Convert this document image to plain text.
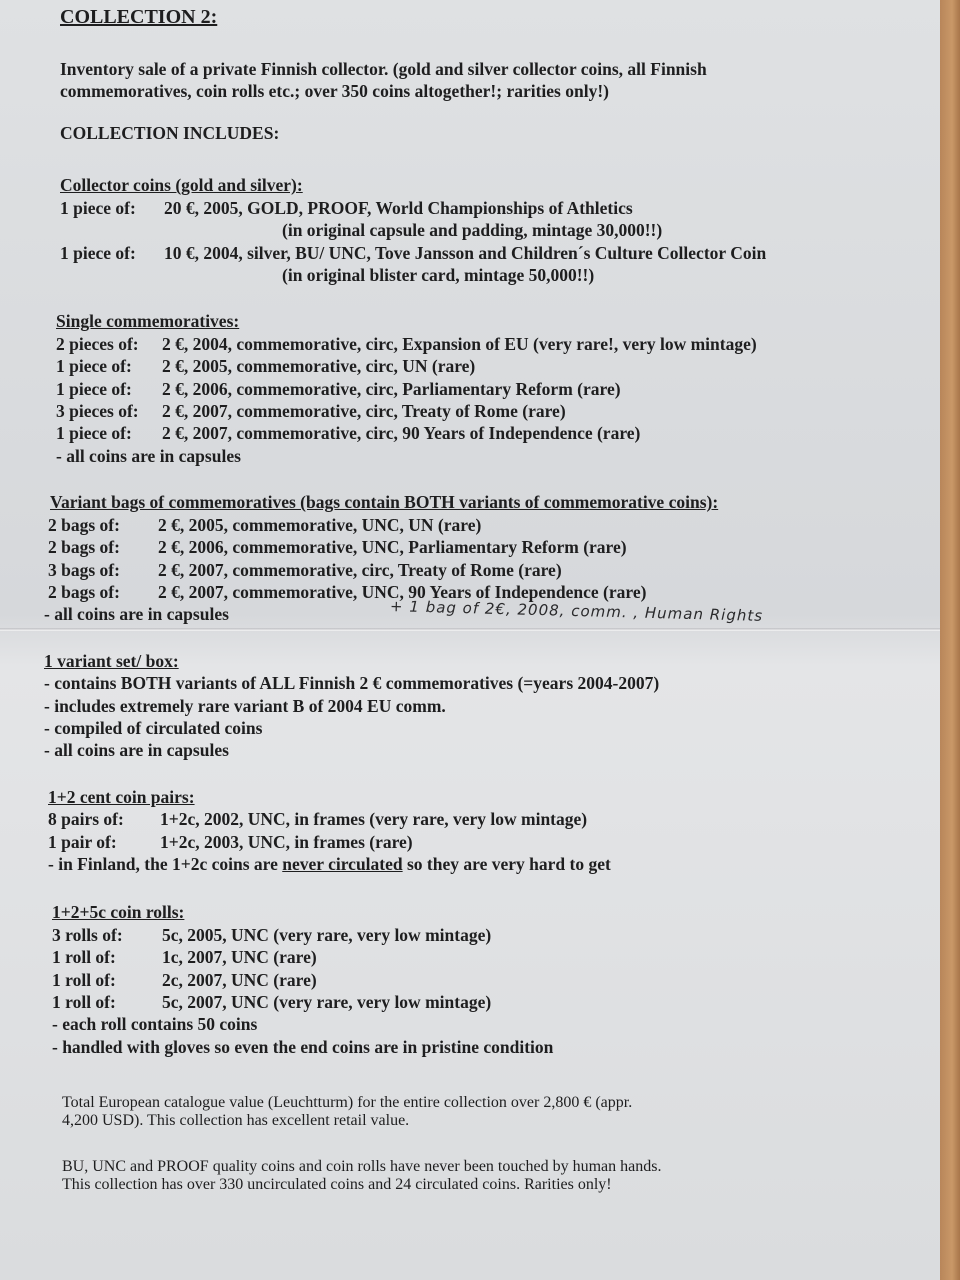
COLLECTION 2:
Inventory sale of a private Finnish collector. (gold and silver collector coins, all Finnish
commemoratives, coin rolls etc.; over 350 coins altogether!; rarities only!)
COLLECTION INCLUDES:
Collector coins (gold and silver):
1 piece of:	20 €, 2005, GOLD, PROOF, World Championships of Athletics
(in original capsule and padding, mintage 30,000!!)
1 piece of:	10 €, 2004, silver, BU/ UNC, Tove Jansson and Children´s Culture Collector Coin
(in original blister card, mintage 50,000!!)
Single commemoratives:
2 pieces of:	2 €, 2004, commemorative, circ, Expansion of EU (very rare!, very low mintage)
1 piece of:	2 €, 2005, commemorative, circ, UN (rare)
1 piece of:	2 €, 2006, commemorative, circ, Parliamentary Reform (rare)
3 pieces of:	2 €, 2007, commemorative, circ, Treaty of Rome (rare)
1 piece of:	2 €, 2007, commemorative, circ, 90 Years of Independence (rare)
- all coins are in capsules
Variant bags of commemoratives (bags contain BOTH variants of commemorative coins):
2 bags of:	2 €, 2005, commemorative, UNC, UN (rare)
2 bags of:	2 €, 2006, commemorative, UNC, Parliamentary Reform (rare)
3 bags of:	2 €, 2007, commemorative, circ, Treaty of Rome (rare)
2 bags of:	2 €, 2007, commemorative, UNC, 90 Years of Independence (rare)
- all coins are in capsules
1 variant set/ box:
- contains BOTH variants of ALL Finnish 2 € commemoratives (=years 2004-2007)
- includes extremely rare variant B of 2004 EU comm.
- compiled of circulated coins
- all coins are in capsules
1+2 cent coin pairs:
8 pairs of:	1+2c, 2002, UNC, in frames (very rare, very low mintage)
1 pair of:	1+2c, 2003, UNC, in frames (rare)
- in Finland, the 1+2c coins are never circulated so they are very hard to get
1+2+5c coin rolls:
3 rolls of:	5c, 2005, UNC (very rare, very low mintage)
1 roll of:	1c, 2007, UNC (rare)
1 roll of:	2c, 2007, UNC (rare)
1 roll of:	5c, 2007, UNC (very rare, very low mintage)
- each roll contains 50 coins
- handled with gloves so even the end coins are in pristine condition
+ 1 bag of 2€, 2008, comm. , Human Rights
Total European catalogue value (Leuchtturm) for the entire collection over 2,800 € (appr.
4,200 USD). This collection has excellent retail value.
BU, UNC and PROOF quality coins and coin rolls have never been touched by human hands.
This collection has over 330 uncirculated coins and 24 circulated coins. Rarities only!
